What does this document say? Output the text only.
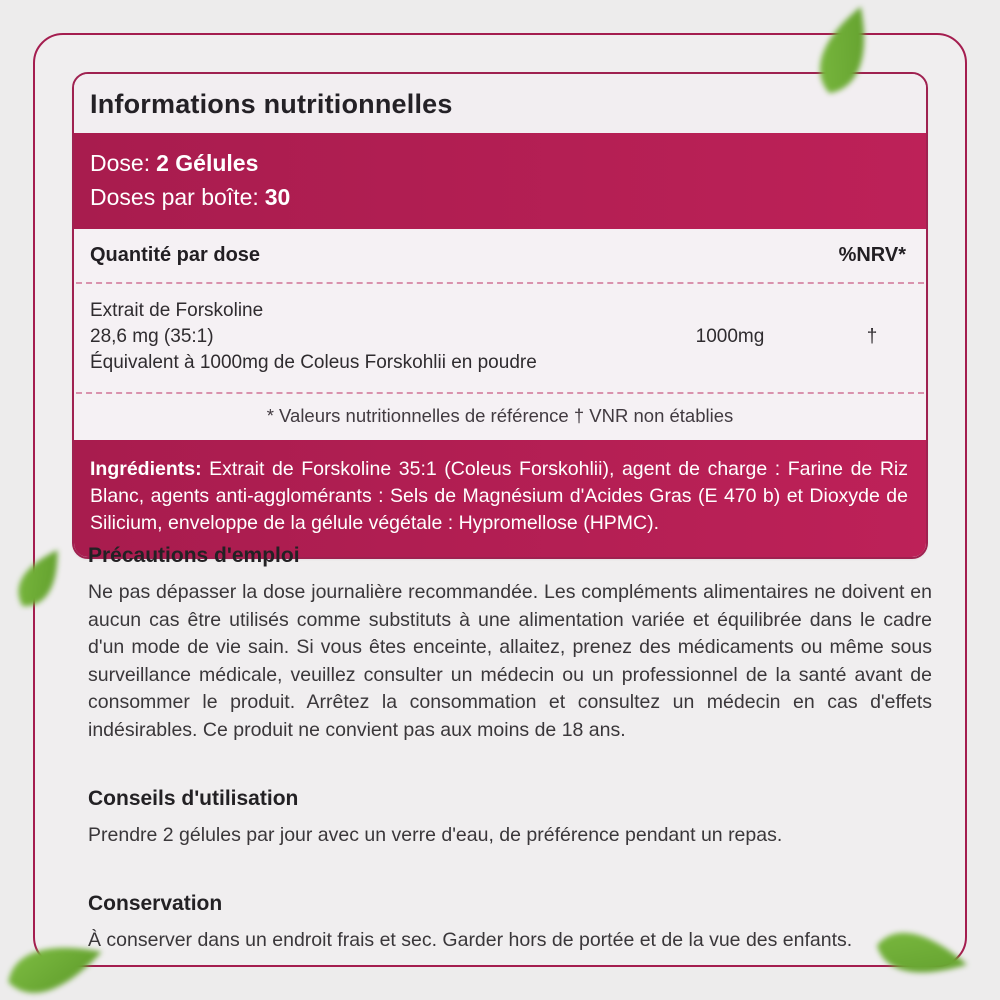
Informations nutritionnelles
Dose: 2 Gélules
Doses par boîte: 30
Quantité par dose	%NRV*
Extrait de Forskoline
28,6 mg (35:1)
Équivalent à 1000mg de Coleus Forskohlii en poudre
1000mg	†
* Valeurs nutritionnelles de référence † VNR non établies
Ingrédients: Extrait de Forskoline 35:1 (Coleus Forskohlii), agent de charge : Farine de Riz Blanc, agents anti-agglomérants : Sels de Magnésium d'Acides Gras (E 470 b) et Dioxyde de Silicium, enveloppe de la gélule végétale : Hypromellose (HPMC).
Précautions d'emploi

Ne pas dépasser la dose journalière recommandée. Les compléments alimentaires ne doivent en aucun cas être utilisés comme substituts à une alimentation variée et équilibrée dans le cadre d'un mode de vie sain. Si vous êtes enceinte, allaitez, prenez des médicaments ou même sous surveillance médicale, veuillez consulter un médecin ou un professionnel de la santé avant de consommer le produit. Arrêtez la consommation et consultez un médecin en cas d'effets indésirables. Ce produit ne convient pas aux moins de 18 ans.

Conseils d'utilisation

Prendre 2 gélules par jour avec un verre d'eau, de préférence pendant un repas.

Conservation

À conserver dans un endroit frais et sec. Garder hors de portée et de la vue des enfants.
